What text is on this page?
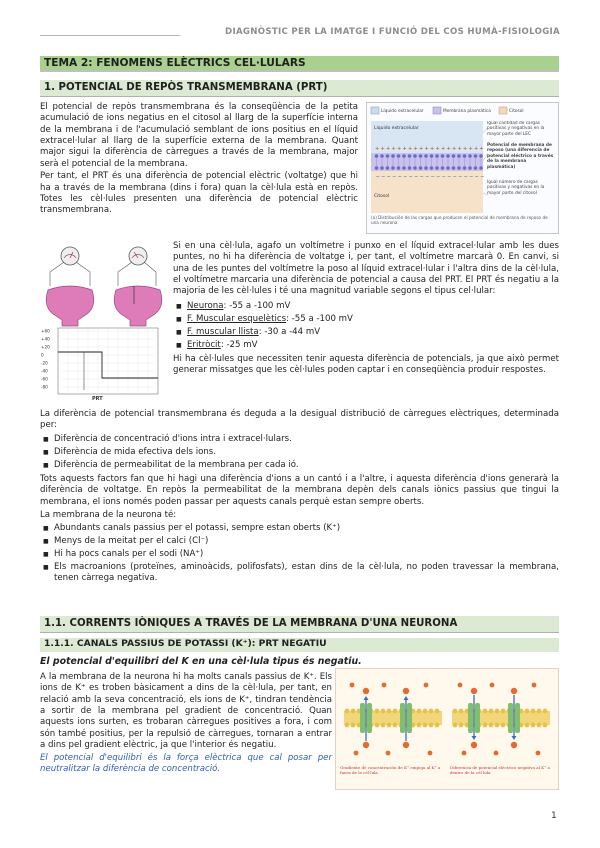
DIAGNÒSTIC PER LA IMATGE I FUNCIÓ DEL COS HUMÀ-FISIOLOGIA
TEMA 2: FENOMENS ELÈCTRICS CEL·LULARS
1. POTENCIAL DE REPÒS TRANSMEMBRANA (PRT)

El potencial de repòs transmembrana és la conseqüència de la petita acumulació de ions negatius en el citosol al llarg de la superfície interna de la membrana i de l'acumulació semblant de ions positius en el líquid extracel·lular al llarg de la superfície externa de la membrana. Quant major sigui la diferència de càrregues a través de la membrana, major serà el potencial de la membrana.

Per tant, el PRT és una diferència de potencial elèctric (voltatge) que hi ha a través de la membrana (dins i fora) quan la cèl·lula està en repòs. Totes les cèl·lules presenten una diferència de potencial elèctric transmembrana.

Líquido extracelular	Membrana plasmática	Citosol
Líquido extracelular
+ + + + + + + + + + + + + + + + + + + +
− − − − − − − − − − − − − − − − − − − −
Citosol
Igual cantidad de cargas positivas y negativas en la mayor parte del LEC
Potencial de membrana de reposo (una diferencia de potencial eléctrico a través de la membrana plasmática)
Igual número de cargas positivas y negativas en la mayor parte del citosol
(a) Distribución de las cargas que producen el potencial de membrana de reposo de una neurona
+60
+40
+20
0
-20
-40
-60
-80
PRT

Si en una cèl·lula, agafo un voltímetre i punxo en el líquid extracel·lular amb les dues puntes, no hi ha diferència de voltatge i, per tant, el voltímetre marcarà 0. En canvi, si una de les puntes del voltímetre la poso al líquid extracel·lular i l'altra dins de la cèl·lula, el voltímetre marcaria una diferència de potencial a causa del PRT. El PRT és negatiu a la majoria de les cèl·lules i té una magnitud variable segons el tipus cel·lular:

■ Neurona: -55 a -100 mV
■ F. Muscular esquelètics: -55 a -100 mV
■ F. muscular llista: -30 a -44 mV
■ Eritròcit: -25 mV

Hi ha cèl·lules que necessiten tenir aquesta diferència de potencials, ja que això permet generar missatges que les cèl·lules poden captar i en conseqüència produir respostes.

La diferència de potencial transmembrana és deguda a la desigual distribució de càrregues elèctriques, determinada per:

■ Diferència de concentració d'ions intra i extracel·lulars.
■ Diferència de mida efectiva dels ions.
■ Diferència de permeabilitat de la membrana per cada ió.

Tots aquests factors fan que hi hagi una diferència d'ions a un cantó i a l'altre, i aquesta diferència d'ions generarà la diferència de voltatge. En repòs la permeabilitat de la membrana depèn dels canals iònics passius que tingui la membrana, el ions només poden passar per aquests canals perquè estan sempre oberts.

La membrana de la neurona té:

■ Abundants canals passius per el potassi, sempre estan oberts (K⁺)
■ Menys de la meitat per el calci (Cl⁻)
■ Hi ha pocs canals per el sodi (NA⁺)
■ Els macroanions (proteïnes, aminoàcids, polifosfats), estan dins de la cèl·lula, no poden travessar la membrana, tenen càrrega negativa.
1.1. CORRENTS IÒNIQUES A TRAVÉS DE LA MEMBRANA D'UNA NEURONA
1.1.1. CANALS PASSIUS DE POTASSI (K⁺): PRT NEGATIU
El potencial d'equilibri del K en una cèl·lula tipus és negatiu.

A la membrana de la neurona hi ha molts canals passius de K⁺. Els ions de K⁺ es troben bàsicament a dins de la cèl·lula, per tant, en relació amb la seva concentració, els ions de K⁺, tindran tendència a sortir de la membrana pel gradient de concentració. Quan aquests ions surten, es trobaran càrregues positives a fora, i com són també positius, per la repulsió de càrregues, tornaran a entrar a dins pel gradient elèctric, ja que l'interior és negatiu.

El potencial d'equilibri és la força elèctrica que cal posar per neutralitzar la diferència de concentració.	Gradiente de concentración de K⁺ empuja al K⁺ a fuera de la cél·lula
Diferencia de potencial eléctrico negativa al K⁺ a dentro de la cél·lula
1
